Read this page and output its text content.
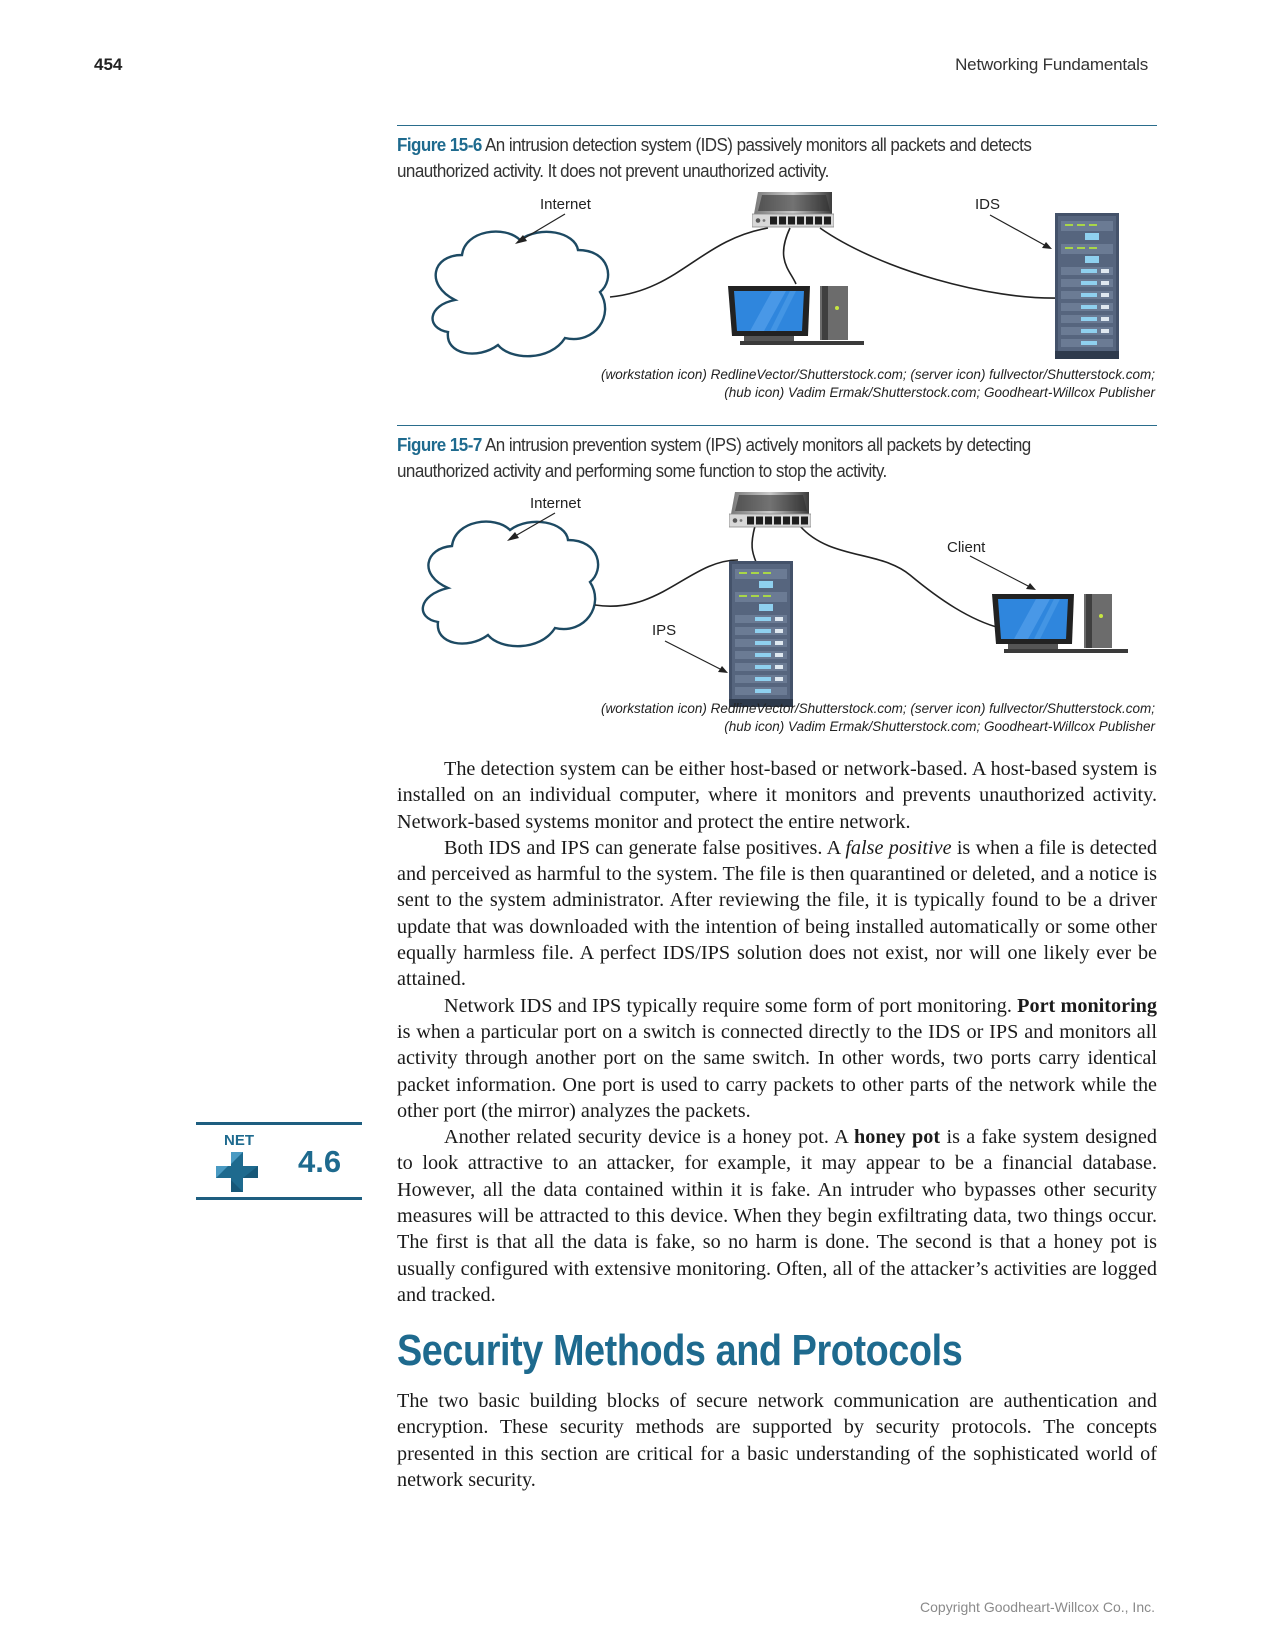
454	Networking Fundamentals
Figure 15-6 An intrusion detection system (IDS) passively monitors all packets and detects unauthorized activity. It does not prevent unauthorized activity.
Internet	IDS
(workstation icon) RedlineVector/Shutterstock.com; (server icon) fullvector/Shutterstock.com;
(hub icon) Vadim Ermak/Shutterstock.com; Goodheart-Willcox Publisher
Figure 15-7 An intrusion prevention system (IPS) actively monitors all packets by detecting unauthorized activity and performing some function to stop the activity.
Internet
Client
IPS
(workstation icon) RedlineVector/Shutterstock.com; (server icon) fullvector/Shutterstock.com;
(hub icon) Vadim Ermak/Shutterstock.com; Goodheart-Willcox Publisher

The detection system can be either host-based or network-based. A host-based system is installed on an individual computer, where it monitors and prevents unauthorized activity. Network-based systems monitor and protect the entire network.

Both IDS and IPS can generate false positives. A false positive is when a file is detected and perceived as harmful to the system. The file is then quarantined or deleted, and a notice is sent to the system administrator. After reviewing the file, it is typically found to be a driver update that was downloaded with the intention of being installed automatically or some other equally harmless file. A perfect IDS/IPS solution does not exist, nor will one likely ever be attained.

Network IDS and IPS typically require some form of port monitoring. Port monitoring is when a particular port on a switch is connected directly to the IDS or IPS and monitors all activity through another port on the same switch. In other words, two ports carry identical packet information. One port is used to carry packets to other parts of the network while the other port (the mirror) analyzes the packets.

Another related security device is a honey pot. A honey pot is a fake system designed to look attractive to an attacker, for example, it may appear to be a financial database. However, all the data contained within it is fake. An intruder who bypasses other security measures will be attracted to this device. When they begin exfiltrating data, two things occur. The first is that all the data is fake, so no harm is done. The second is that a honey pot is usually configured with extensive monitoring. Often, all of the attacker’s activities are logged and tracked.

NET
4.6
Security Methods and Protocols

The two basic building blocks of secure network communication are authentication and encryption. These security methods are supported by security protocols. The concepts presented in this section are critical for a basic understanding of the sophisticated world of network security.

Copyright Goodheart-Willcox Co., Inc.
